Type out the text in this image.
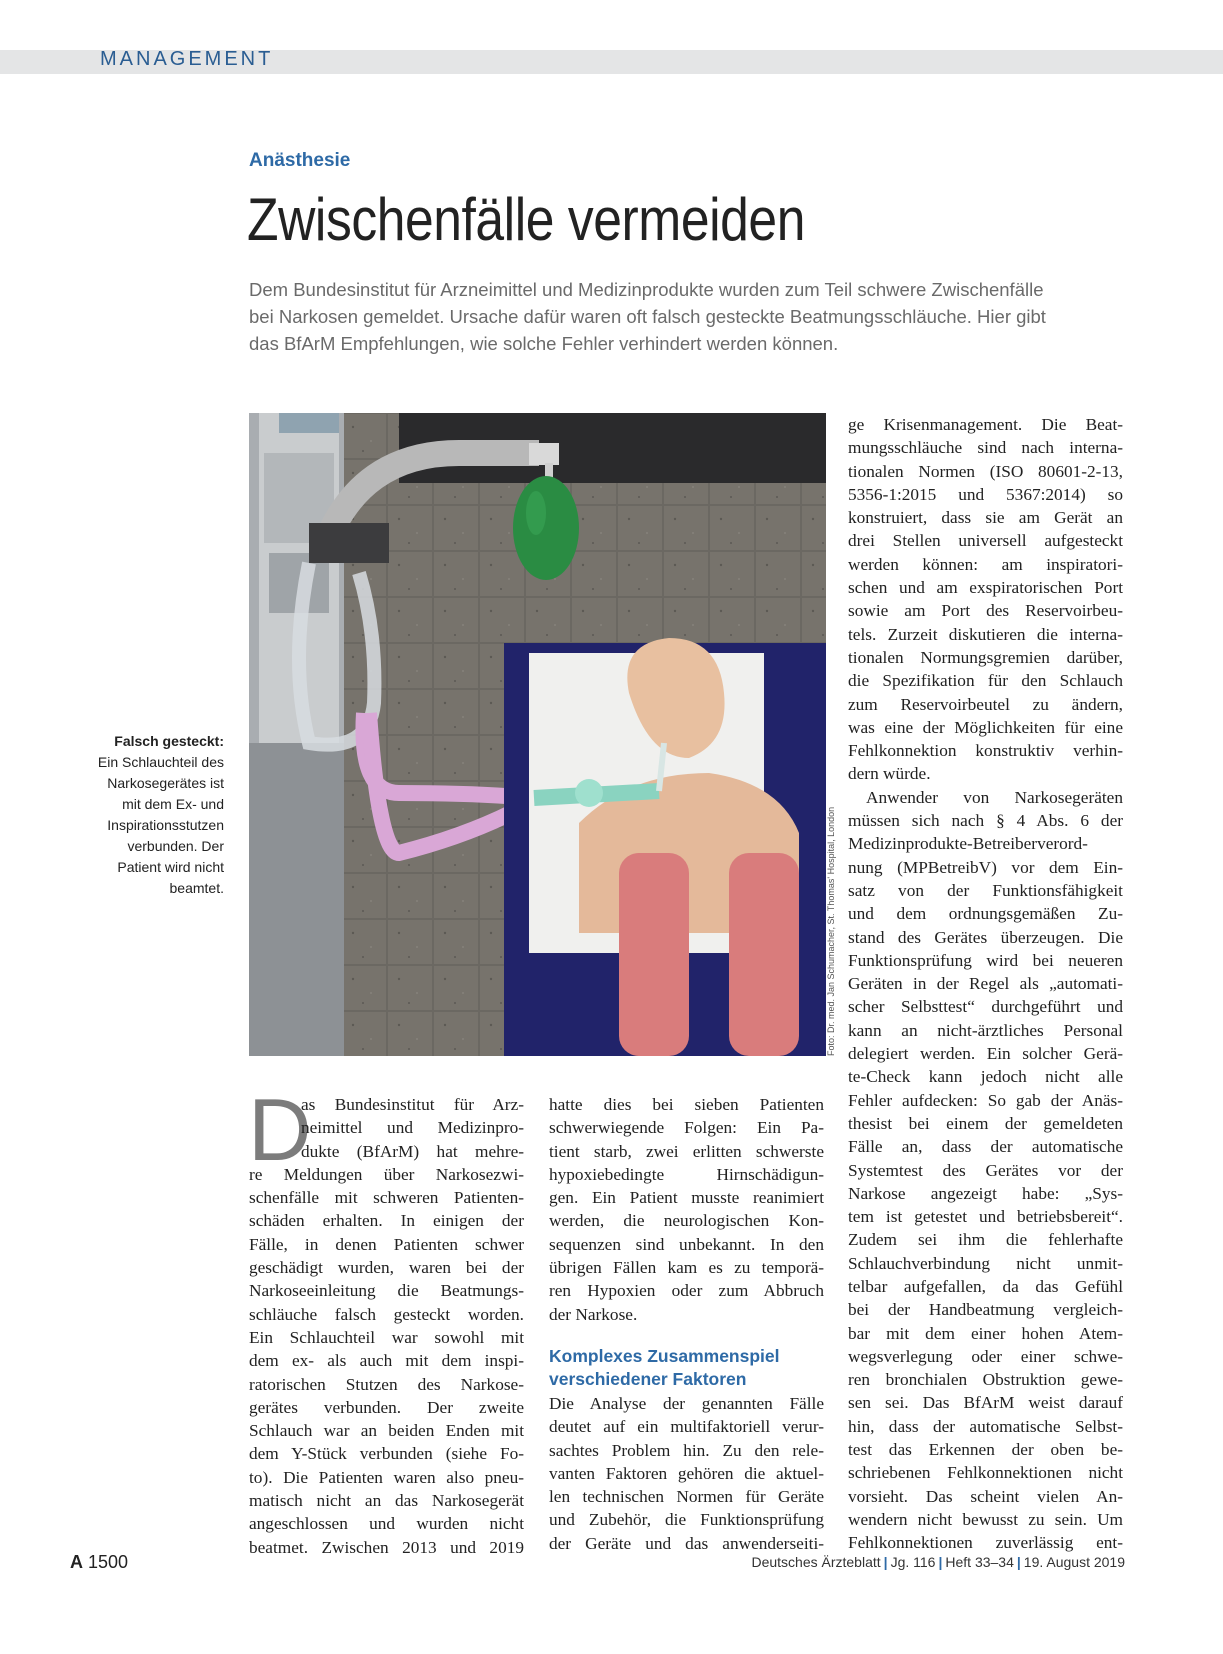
MANAGEMENT
Anästhesie
Zwischenfälle vermeiden
Dem Bundesinstitut für Arzneimittel und Medizinprodukte wurden zum Teil schwere Zwischenfälle
bei Narkosen gemeldet. Ursache dafür waren oft falsch gesteckte Beatmungsschläuche. Hier gibt
das BfArM Empfehlungen, wie solche Fehler verhindert werden können.
Falsch gesteckt:
Ein Schlauchteil des
Narkosegerätes ist
mit dem Ex- und
Inspirationsstutzen
verbunden. Der
Patient wird nicht
beamtet.	Foto: Dr. med. Jan Schumacher, St. Thomas' Hospital, London
D
as Bundesinstitut für Arz-
neimittel und Medizinpro-
dukte (BfArM) hat mehre-
re Meldungen über Narkosezwi-
schenfälle mit schweren Patienten-
schäden erhalten. In einigen der
Fälle, in denen Patienten schwer
geschädigt wurden, waren bei der
Narkoseeinleitung die Beatmungs-
schläuche falsch gesteckt worden.
Ein Schlauchteil war sowohl mit
dem ex- als auch mit dem inspi-
ratorischen Stutzen des Narkose-
gerätes verbunden. Der zweite
Schlauch war an beiden Enden mit
dem Y-Stück verbunden (siehe Fo-
to). Die Patienten waren also pneu-
matisch nicht an das Narkosegerät
angeschlossen und wurden nicht
beatmet. Zwischen 2013 und 2019
hatte dies bei sieben Patienten
schwerwiegende Folgen: Ein Pa-
tient starb, zwei erlitten schwerste
hypoxiebedingte Hirnschädigun-
gen. Ein Patient musste reanimiert
werden, die neurologischen Kon-
sequenzen sind unbekannt. In den
übrigen Fällen kam es zu temporä-
ren Hypoxien oder zum Abbruch
der Narkose.
Komplexes Zusammenspiel
verschiedener Faktoren
Die Analyse der genannten Fälle
deutet auf ein multifaktoriell verur-
sachtes Problem hin. Zu den rele-
vanten Faktoren gehören die aktuel-
len technischen Normen für Geräte
und Zubehör, die Funktionsprüfung
der Geräte und das anwenderseiti-
ge Krisenmanagement. Die Beat-
mungsschläuche sind nach interna-
tionalen Normen (ISO 80601-2-13,
5356-1:2015 und 5367:2014) so
konstruiert, dass sie am Gerät an
drei Stellen universell aufgesteckt
werden können: am inspiratori-
schen und am exspiratorischen Port
sowie am Port des Reservoirbeu-
tels. Zurzeit diskutieren die interna-
tionalen Normungsgremien darüber,
die Spezifikation für den Schlauch
zum Reservoirbeutel zu ändern,
was eine der Möglichkeiten für eine
Fehlkonnektion konstruktiv verhin-
dern würde.
Anwender von Narkosegeräten
müssen sich nach § 4 Abs. 6 der
Medizinprodukte-Betreiberverord-
nung (MPBetreibV) vor dem Ein-
satz von der Funktionsfähigkeit
und dem ordnungsgemäßen Zu-
stand des Gerätes überzeugen. Die
Funktionsprüfung wird bei neueren
Geräten in der Regel als „automati-
scher Selbsttest“ durchgeführt und
kann an nicht-ärztliches Personal
delegiert werden. Ein solcher Gerä-
te-Check kann jedoch nicht alle
Fehler aufdecken: So gab der Anäs-
thesist bei einem der gemeldeten
Fälle an, dass der automatische
Systemtest des Gerätes vor der
Narkose angezeigt habe: „Sys-
tem ist getestet und betriebsbereit“.
Zudem sei ihm die fehlerhafte
Schlauchverbindung nicht unmit-
telbar aufgefallen, da das Gefühl
bei der Handbeatmung vergleich-
bar mit dem einer hohen Atem-
wegsverlegung oder einer schwe-
ren bronchialen Obstruktion gewe-
sen sei. Das BfArM weist darauf
hin, dass der automatische Selbst-
test das Erkennen der oben be-
schriebenen Fehlkonnektionen nicht
vorsieht. Das scheint vielen An-
wendern nicht bewusst zu sein. Um
Fehlkonnektionen zuverlässig ent-
A 1500	Deutsches Ärzteblatt | Jg. 116 | Heft 33–34 | 19. August 2019
